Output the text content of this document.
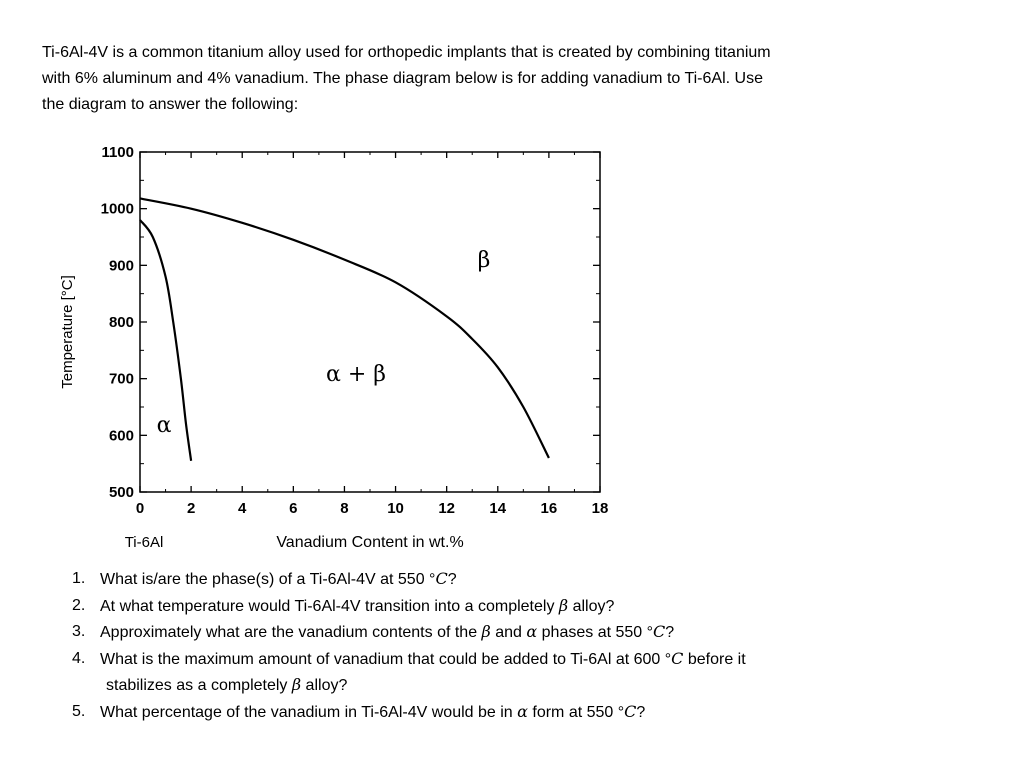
Ti-6Al-4V is a common titanium alloy used for orthopedic implants that is created by combining titanium
with 6% aluminum and 4% vanadium. The phase diagram below is for adding vanadium to Ti-6Al. Use
the diagram to answer the following:
0	2	4	6	8	10 12 14 16 18
500
600
700
800
900
1000
1100
Temperature [°C]
Vanadium Content in wt.%
Ti-6Al
α
α + β
β
1. What is/are the phase(s) of a Ti-6Al-4V at 550 °C?
2. At what temperature would Ti-6Al-4V transition into a completely β alloy?
3. Approximately what are the vanadium contents of the β and α phases at 550 °C?
4. What is the maximum amount of vanadium that could be added to Ti-6Al at 600 °C before it
stabilizes as a completely β alloy?
5. What percentage of the vanadium in Ti-6Al-4V would be in α form at 550 °C?
